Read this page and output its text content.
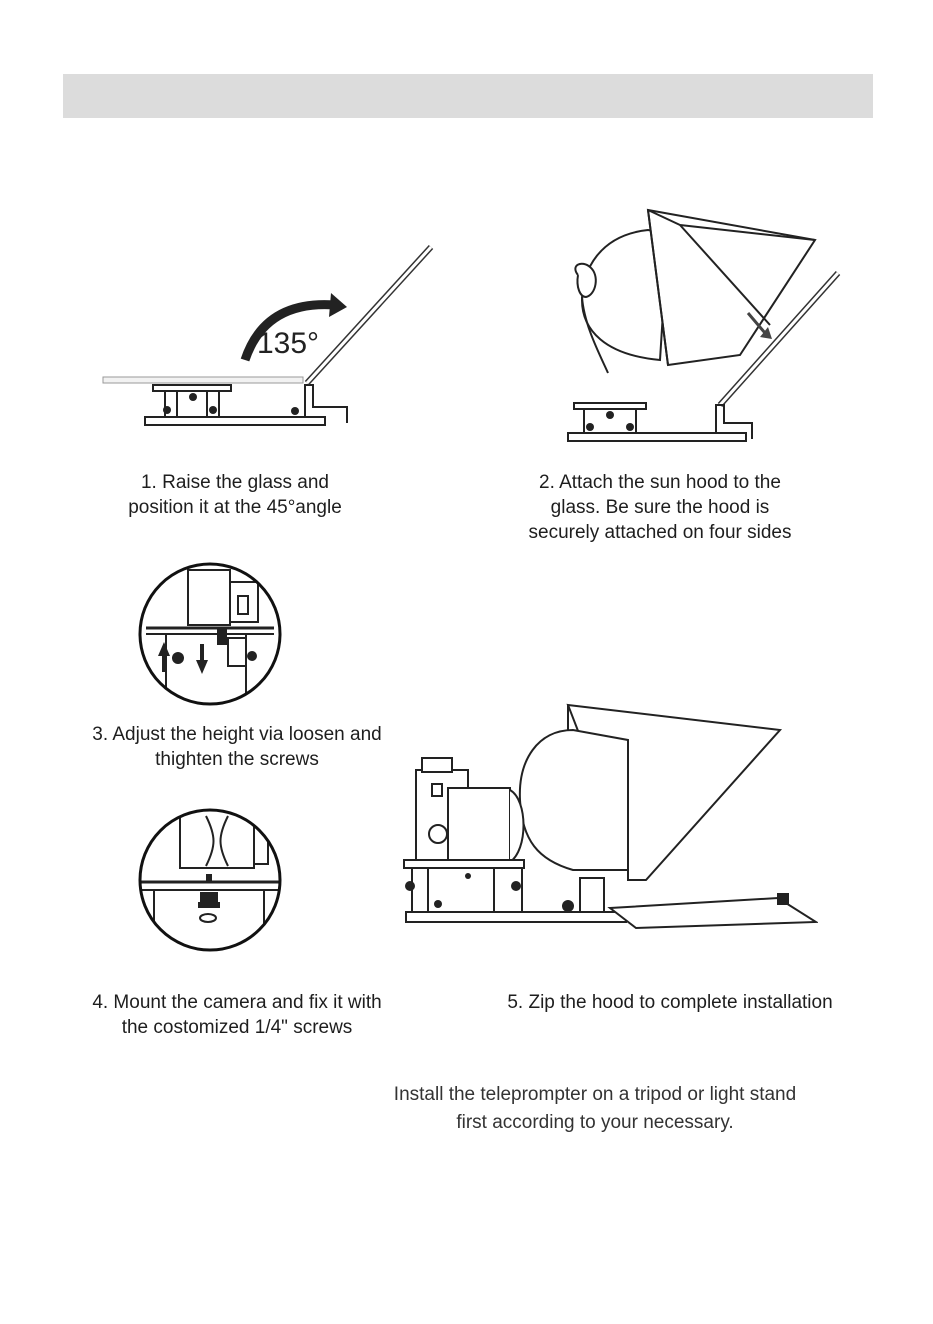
135°
1. Raise the glass and
position it at the 45°angle
2. Attach the sun hood to the
glass. Be sure the hood is
securely attached on four sides
3. Adjust the height via loosen and
thighten the screws
4. Mount the camera and fix it with
the costomized 1/4" screws
5. Zip the hood to complete installation
Install the teleprompter on a tripod or light stand
first according to your necessary.
